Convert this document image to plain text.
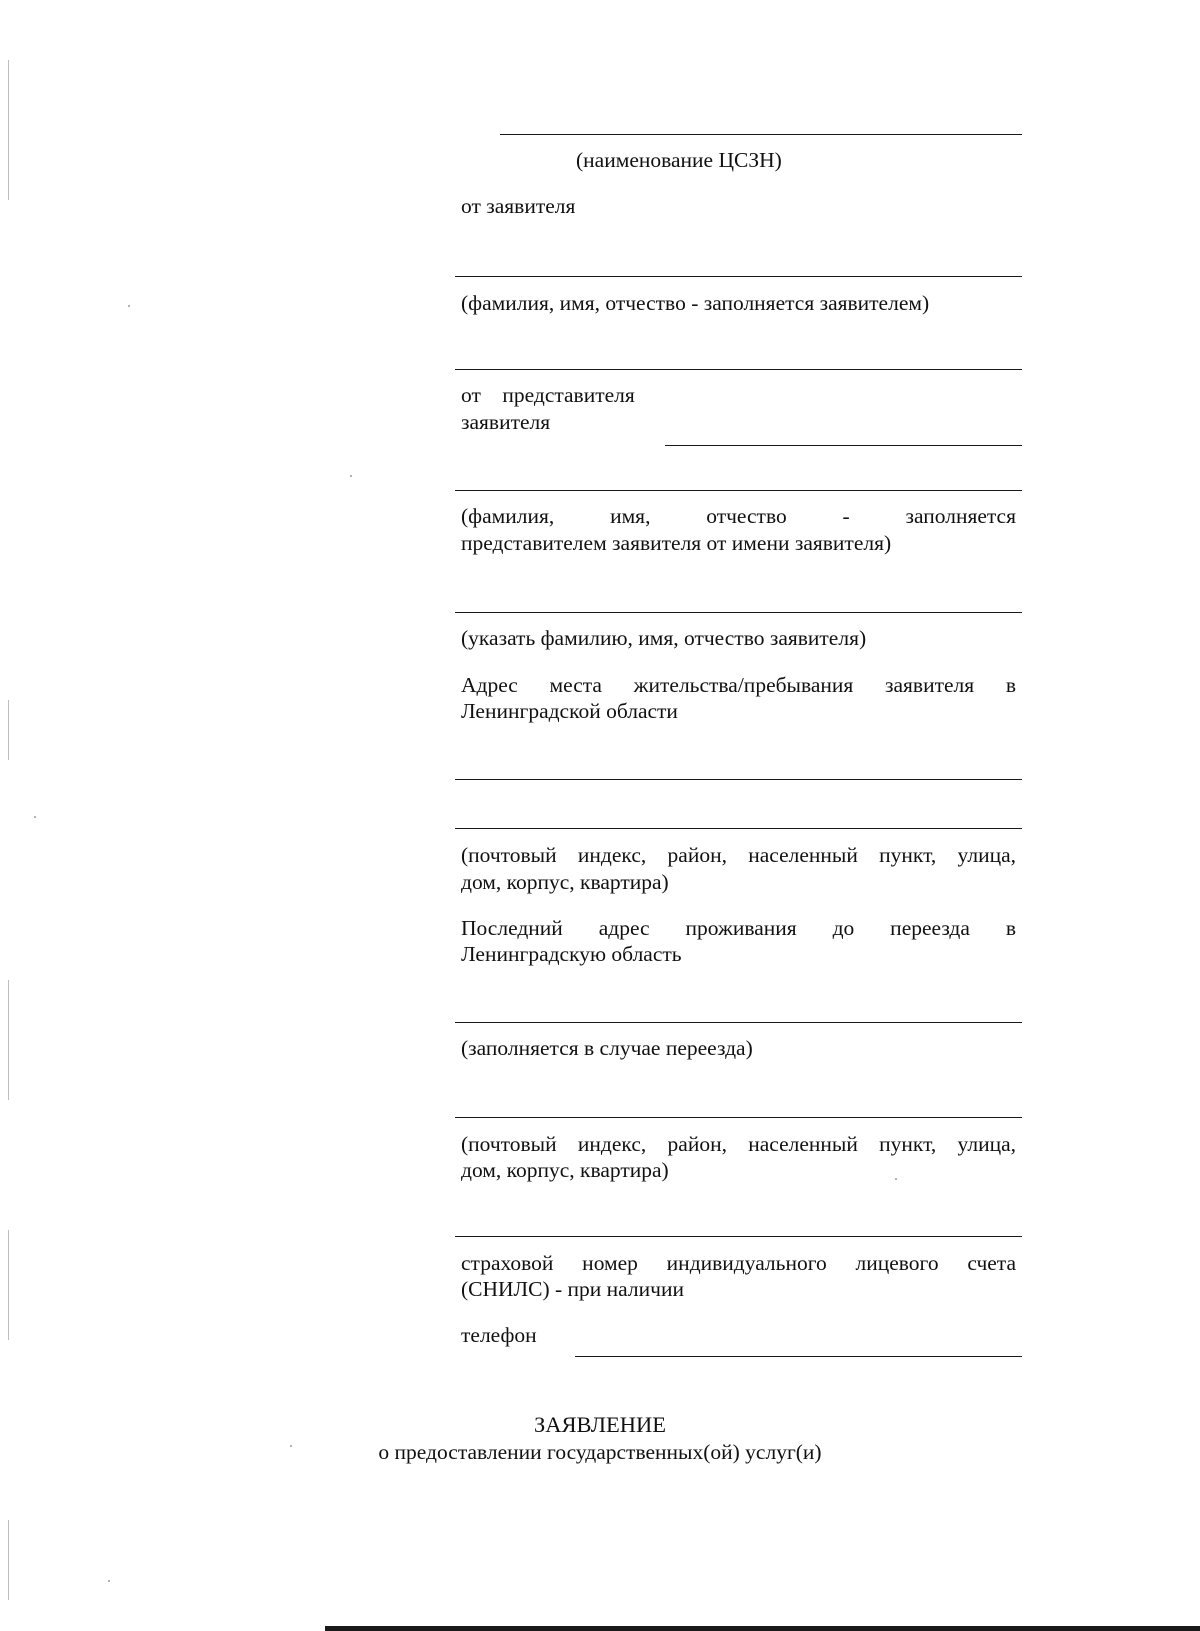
(наименование ЦСЗН)
от заявителя
(фамилия, имя, отчество - заполняется заявителем)
от    представителя
заявителя
(фамилия, имя, отчество - заполняется
представителем заявителя от имени заявителя)
(указать фамилию, имя, отчество заявителя)
Адрес места жительства/пребывания заявителя в
Ленинградской области
(почтовый индекс, район, населенный пункт, улица,
дом, корпус, квартира)
Последний адрес проживания до переезда в
Ленинградскую область
(заполняется в случае переезда)
(почтовый индекс, район, населенный пункт, улица,
дом, корпус, квартира)
страховой номер индивидуального лицевого счета
(СНИЛС) - при наличии
телефон
ЗАЯВЛЕНИЕ
о предоставлении государственных(ой) услуг(и)
